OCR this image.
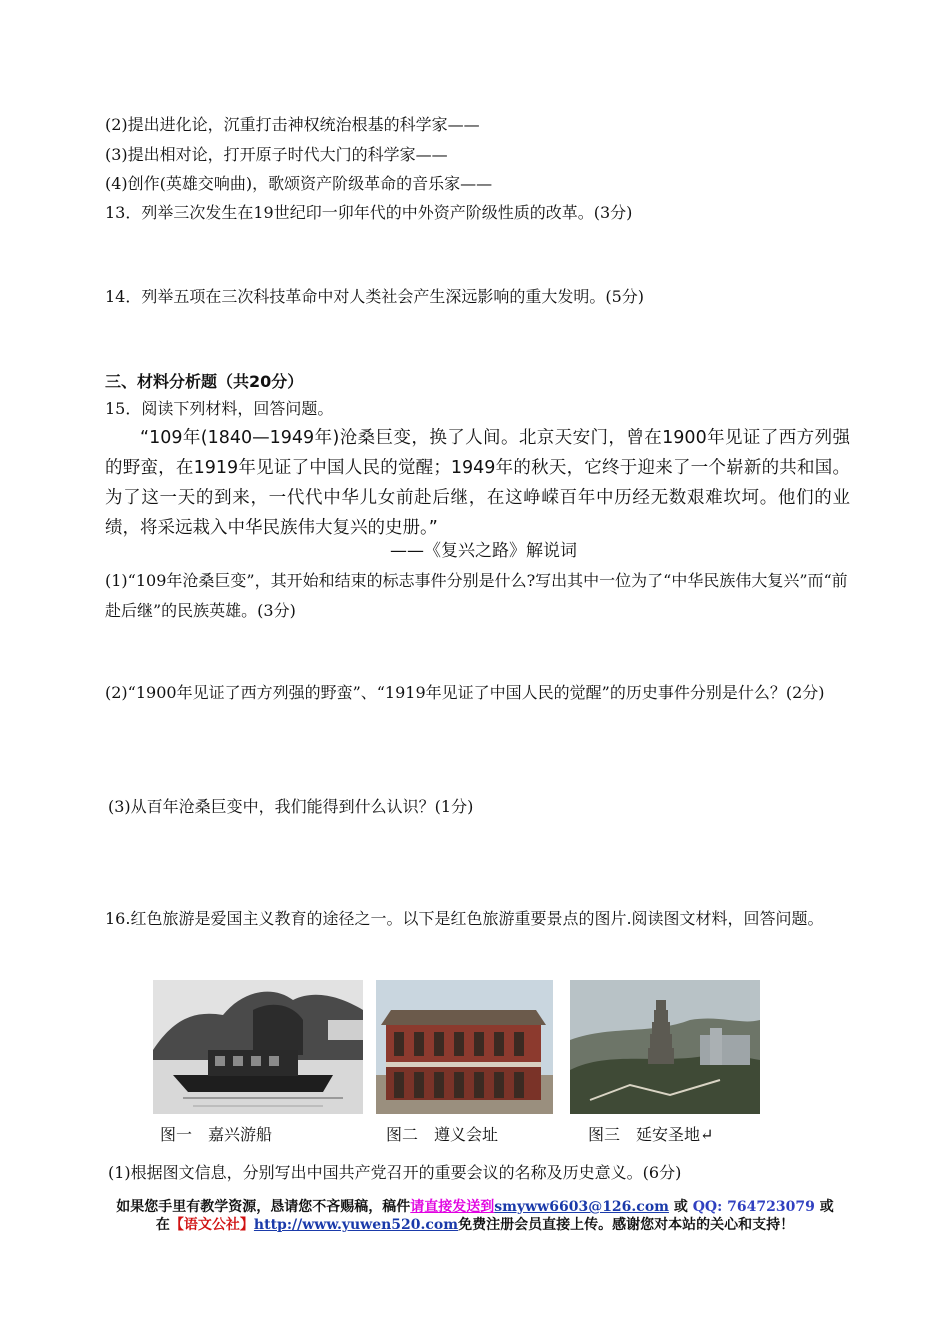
(2)提出进化论，沉重打击神权统治根基的科学家——
(3)提出相对论，打开原子时代大门的科学家——
(4)创作(英雄交响曲)，歌颂资产阶级革命的音乐家——
13．列举三次发生在19世纪印一卯年代的中外资产阶级性质的改革。(3分)
14．列举五项在三次科技革命中对人类社会产生深远影响的重大发明。(5分)
三、材料分析题（共20分）
15．阅读下列材料，回答问题。
“109年(1840—1949年)沧桑巨变，换了人间。北京天安门，曾在1900年见证了西方列强的野蛮，在1919年见证了中国人民的觉醒；1949年的秋天，它终于迎来了一个崭新的共和国。为了这一天的到来，一代代中华儿女前赴后继，在这峥嵘百年中历经无数艰难坎坷。他们的业绩，将采远栽入中华民族伟大复兴的史册。”
——《复兴之路》解说词
(1)“109年沧桑巨变”，其开始和结束的标志事件分别是什么?写出其中一位为了“中华民族伟大复兴”而“前赴后继”的民族英雄。(3分)
(2)“1900年见证了西方列强的野蛮”、“1919年见证了中国人民的觉醒”的历史事件分别是什么？(2分)
(3)从百年沧桑巨变中，我们能得到什么认识？(1分)
16.红色旅游是爱国主义教育的途径之一。以下是红色旅游重要景点的图片.阅读图文材料，回答问题。
图一　嘉兴游船	图二　遵义会址	图三　延安圣地↵
(1)根据图文信息，分别写出中国共产党召开的重要会议的名称及历史意义。(6分)
如果您手里有教学资源，恳请您不吝赐稿，稿件请直接发送到smyww6603@126.com 或 QQ: 764723079 或
在【语文公社】http://www.yuwen520.com免费注册会员直接上传。感谢您对本站的关心和支持！
